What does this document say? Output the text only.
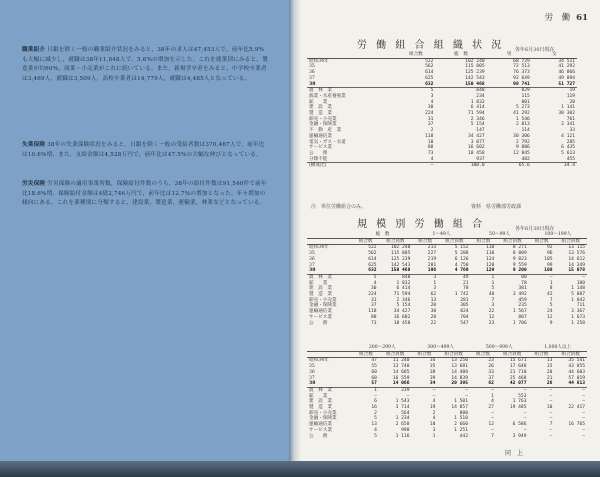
職業紹介 日銀を除く一般の職業紹介状況をみると，38年の求人は47,453人で，前年比5.9%も大幅に減少し，就職は38年11,848人で，5.6%の増加を示した。これを就業別にみると，製造業が約60%，商業・小売業がこれに続いている。また，新規学卒者をみると，中学校卒業者は3,469人，就職は3,509人，高校卒業者は14,779人，就職は4,485人となっている。
失業保険 38年の失業保険状況をみると，日銀を除く一般の受給者数は370,467人で，前年比は10.6%増，また，支給金額は4,528万円で，前年比は47.5%の大幅な伸びとなっている。
労災保険 労災保険の適用事業所数，保険給付件数のうち，38年の給付件数は91,540件で前年比18.6%増，保険給付金額は4億2,746万円で，前年比は12.7%の増加となった。年々増加の傾向にある。これを業種別に分類すると，建設業，製造業，運輸業，林業などとなっている。
労　働 61
労 働 組 合 組 織 状 況 各年6月30日現在
	組合数	総　数	男	女
昭和34年	522	102 240	68 729	34 511
35	562	115 805	72 513	41 292
36	614	125 239	76 373	46 866
37	625	142 543	92 649	49 894
38	632	150 468	98 741	51 727
農　林　業	5	848	829	19
漁業・水産養殖業	3	234	115	119
鉱　　業	4	1 832	801	20
建　設　業	30	6 414	5 273	1 141
製　造　業	224	71 594	41 292	30 302
卸売・小売業	31	2 346	1 546	761
金融・保険業	37	5 154	2 813	2 341
不　動　産　業	2	147	114	33
運輸通信業	118	34 427	30 306	4 121
電気・ガス・水道	10	3 077	2 792	285
サービス業	88	16 602	9 886	6 435
公　　務	73	18 458	12 845	5 613
分類不能	4	937	482	455
(構成比)	—	100.0	65.6	34.4
注　単位労働組合のみ。	資料　県労働部労政課
規 模 別 労 働 組 合	各年6月30日現在
	総　数		1〜49人		50〜99人		100〜199人	
	組合数	組合員数	組合数	組合員数	組合数	組合員数	組合数	組合員数
昭和34年	522	102 240	213	5 152	110	8 271	92	13 115
35	562	115 805	227	5 288	110	8 009	96	13 576
36	614	125 239	219	6 126	124	9 023	105	14 612
37	625	142 543	201	4 750	120	9 559	99	14 349
38	632	150 468	196	4 769	129	9 200	108	15 078
農　林　業	5	848	3	49	1	80	—	—
鉱　　業	4	1 832	1	21	1	78	1	180
建　設　業	30	6 414	3	78	5	381	8	1 148
製　造　業	224	71 594	62	1 742	48	3 492	42	5 887
卸売・小売業	31	2 346	13	281	7	459	7	1 042
金融・保険業	37	5 154	20	305	3	235	5	711
運輸通信業	118	34 427	30	824	22	1 567	24	3 367
サービス業	88	16 602	28	704	12	807	12	1 673
公　　務	73	18 458	22	547	23	1 706	9	1 258
	200〜299人		300〜499人		500〜999人		1,000人以上	
	組合数	組合員数	組合数	組合員数	組合数	組合員数	組合数	組合員数
昭和34年	47	11 240	34	13 250	23	15 671	13	35 541
35	55	13 748	35	13 681	26	17 648	15	43 855
36	60	14 685	38	14 480	33	21 710	20	44 603
37	68	16 559	39	14 839	37	25 468	21	57 019
38	57	14 066	34	20 395	62	42 077	26	44 813
農　林　業	1	239	—	—	—	—	—	—
鉱　　業	—	—	—	—	1	553	—	—
建　設　業	6	1 543	4	1 501	4	1 763	—	—
製　造　業	16	3 714	19	14 857	27	19 485	10	22 417
卸売・小売業	2	564	2	800	—	—	—	—
金融・保険業	5	1 234	4	1 510	—	—	—	—
運輸通信業	13	2 658	10	2 660	12	6 586	7	16 765
サービス業	4	998	3	1 251	—	—	—	—
公　　務	5	1 116	1	442	7	3 949	—	—
同　上
